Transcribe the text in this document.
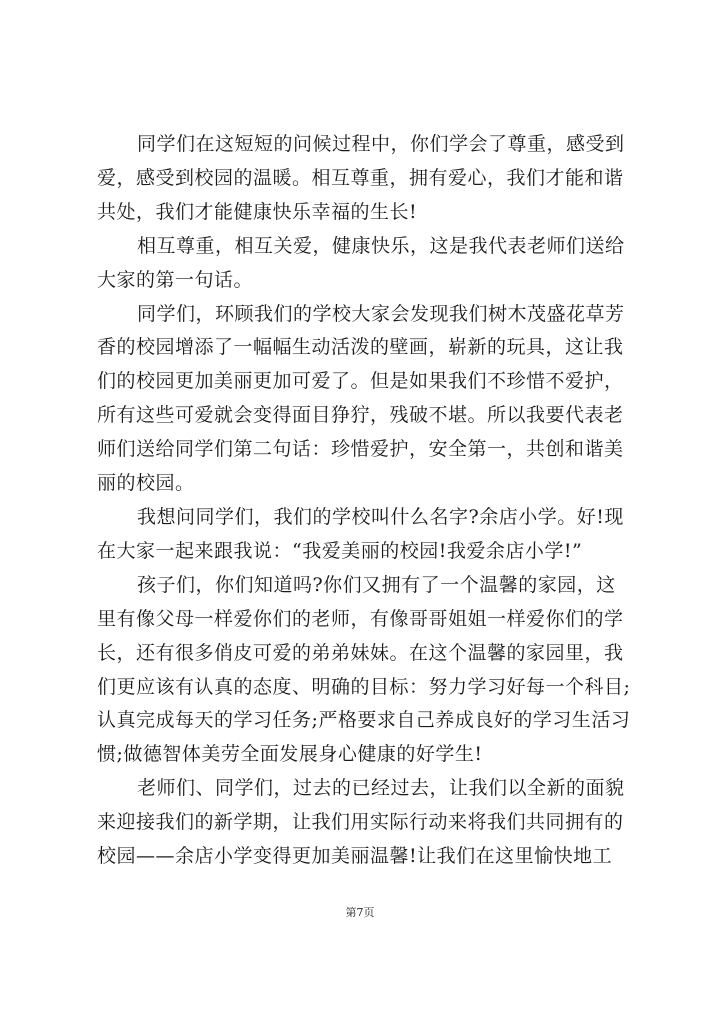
同学们在这短短的问候过程中，你们学会了尊重，感受到爱，感受到校园的温暖。相互尊重，拥有爱心，我们才能和谐共处，我们才能健康快乐幸福的生长!

相互尊重，相互关爱，健康快乐，这是我代表老师们送给大家的第一句话。

同学们，环顾我们的学校大家会发现我们树木茂盛花草芳香的校园增添了一幅幅生动活泼的壁画，崭新的玩具，这让我们的校园更加美丽更加可爱了。但是如果我们不珍惜不爱护，所有这些可爱就会变得面目狰狞，残破不堪。所以我要代表老师们送给同学们第二句话：珍惜爱护，安全第一，共创和谐美丽的校园。

我想问同学们，我们的学校叫什么名字?余店小学。好!现在大家一起来跟我说：“我爱美丽的校园!我爱余店小学!”

孩子们，你们知道吗?你们又拥有了一个温馨的家园，这里有像父母一样爱你们的老师，有像哥哥姐姐一样爱你们的学长，还有很多俏皮可爱的弟弟妹妹。在这个温馨的家园里，我们更应该有认真的态度、明确的目标：努力学习好每一个科目;认真完成每天的学习任务;严格要求自己养成良好的学习生活习惯;做德智体美劳全面发展身心健康的好学生!

老师们、同学们，过去的已经过去，让我们以全新的面貌来迎接我们的新学期，让我们用实际行动来将我们共同拥有的校园——余店小学变得更加美丽温馨!让我们在这里愉快地工

第7页
